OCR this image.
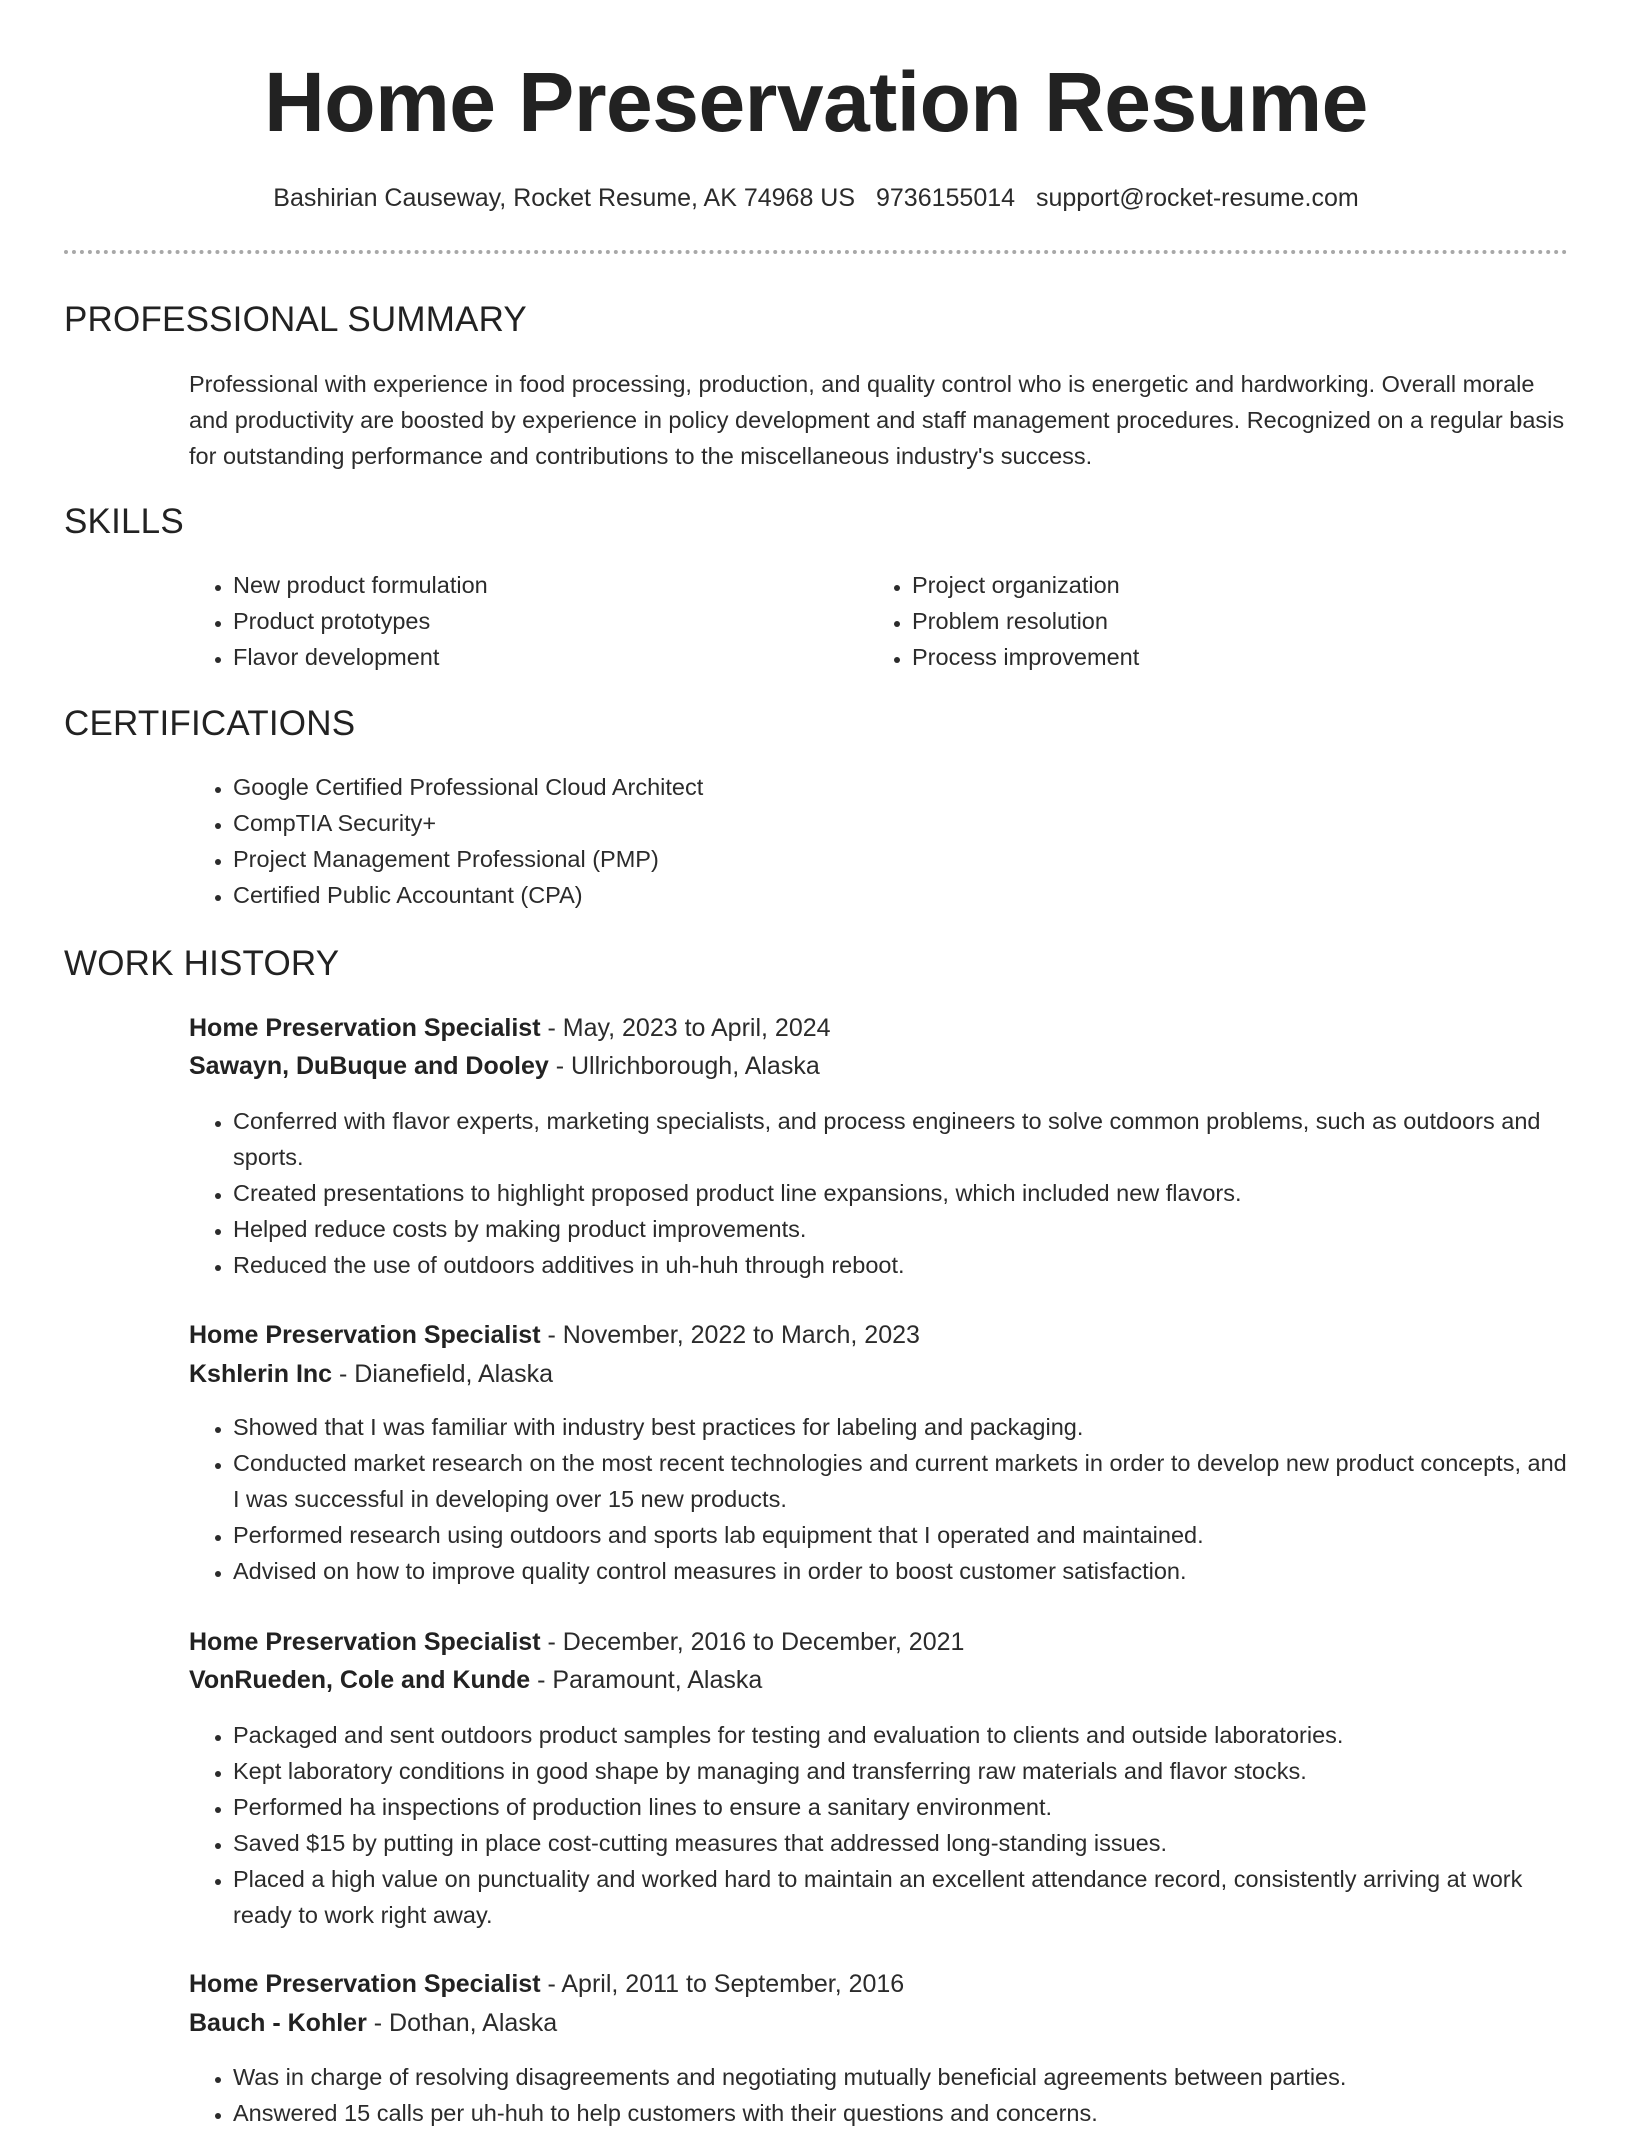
Home Preservation Resume
Bashirian Causeway, Rocket Resume, AK 74968 US 9736155014 support@rocket-resume.com
PROFESSIONAL SUMMARY

Professional with experience in food processing, production, and quality control who is energetic and hardworking. Overall morale and productivity are boosted by experience in policy development and staff management procedures. Recognized on a regular basis for outstanding performance and contributions to the miscellaneous industry's success.

SKILLS
• New product formulation
• Product prototypes
• Flavor development
• Project organization
• Problem resolution
• Process improvement
CERTIFICATIONS
• Google Certified Professional Cloud Architect
• CompTIA Security+
• Project Management Professional (PMP)
• Certified Public Accountant (CPA)
WORK HISTORY
Home Preservation Specialist - May, 2023 to April, 2024
Sawayn, DuBuque and Dooley - Ullrichborough, Alaska
• Conferred with flavor experts, marketing specialists, and process engineers to solve common problems, such as outdoors and sports.
• Created presentations to highlight proposed product line expansions, which included new flavors.
• Helped reduce costs by making product improvements.
• Reduced the use of outdoors additives in uh-huh through reboot.
Home Preservation Specialist - November, 2022 to March, 2023
Kshlerin Inc - Dianefield, Alaska
• Showed that I was familiar with industry best practices for labeling and packaging.
• Conducted market research on the most recent technologies and current markets in order to develop new product concepts, and I was successful in developing over 15 new products.
• Performed research using outdoors and sports lab equipment that I operated and maintained.
• Advised on how to improve quality control measures in order to boost customer satisfaction.
Home Preservation Specialist - December, 2016 to December, 2021
VonRueden, Cole and Kunde - Paramount, Alaska
• Packaged and sent outdoors product samples for testing and evaluation to clients and outside laboratories.
• Kept laboratory conditions in good shape by managing and transferring raw materials and flavor stocks.
• Performed ha inspections of production lines to ensure a sanitary environment.
• Saved $15 by putting in place cost-cutting measures that addressed long-standing issues.
• Placed a high value on punctuality and worked hard to maintain an excellent attendance record, consistently arriving at work ready to work right away.
Home Preservation Specialist - April, 2011 to September, 2016
Bauch - Kohler - Dothan, Alaska
• Was in charge of resolving disagreements and negotiating mutually beneficial agreements between parties.
• Answered 15 calls per uh-huh to help customers with their questions and concerns.
